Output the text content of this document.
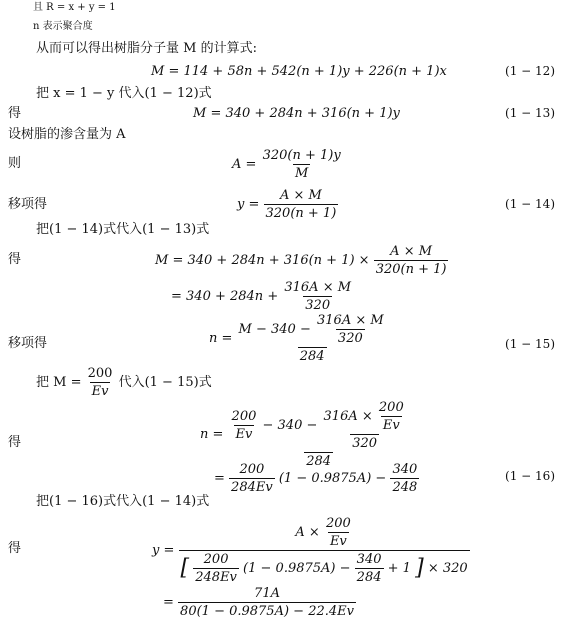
且 R = x + y = 1
n 表示聚合度
从而可以得出树脂分子量 M 的计算式:
M = 114 + 58n + 542(n + 1)y + 226(n + 1)x	(1 − 12)
把 x = 1 − y 代入(1 − 12)式
得	M = 340 + 284n + 316(n + 1)y	(1 − 13)
设树脂的渗含量为 A
则	$A = \frac{320(n + 1)y}{M}$
移项得	$y = \frac{A \times M}{320(n + 1)}$	(1 − 14)
把(1 − 14)式代入(1 − 13)式
得	$M = 340 + 284n + 316(n + 1) \times \frac{A \times M}{320(n + 1)}$
= $340 + 284n + \frac{316A \times M}{320}$
移项得	$n = \frac{M - 340 - \frac{316A \times M}{320}}{284}$	(1 − 15)
把 $M = \frac{200}{Ev}$ 代入(1 − 15)式
得
$n = \frac{200}{Ev} - 340 - \frac{316A \times \frac{200}{Ev}}{320}$
284
= $\frac{200}{284Ev} (1 - 0.9875A) - \frac{340}{248}$	(1 − 16)
把(1 − 16)式代入(1 − 14)式
得	y =
$A \times \frac{200}{Ev}$
[ $\frac{200}{248Ev} (1 - 0.9875A) - \frac{340}{284} + 1$ ] × 320
= $\frac{71A}{80(1 - 0.9875A) - 22.4Ev}$
